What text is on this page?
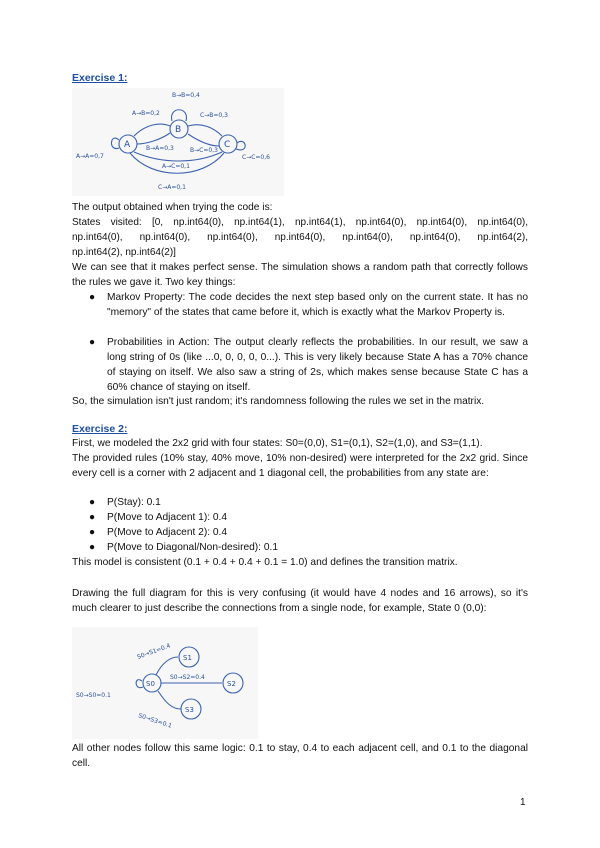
Exercise 1:
A
B
C
B→B=0,4
A→B=0,2	C→B=0,3
A→A=0,7
B→A=0,3	B→C=0,3
C→C=0,6
A→C=0,1
C→A=0,1
The output obtained when trying the code is:
States visited: [0, np.int64(0), np.int64(1), np.int64(1), np.int64(0), np.int64(0), np.int64(0),
np.int64(0), np.int64(0), np.int64(0), np.int64(0), np.int64(0), np.int64(0), np.int64(2),
np.int64(2), np.int64(2)]
We can see that it makes perfect sense. The simulation shows a random path that correctly follows the rules we gave it. Two key things:
● Markov Property: The code decides the next step based only on the current state. It has no "memory" of the states that came before it, which is exactly what the Markov Property is.
● Probabilities in Action: The output clearly reflects the probabilities. In our result, we saw a long string of 0s (like ...0, 0, 0, 0, 0...). This is very likely because State A has a 70% chance of staying on itself. We also saw a string of 2s, which makes sense because State C has a 60% chance of staying on itself.
So, the simulation isn't just random; it's randomness following the rules we set in the matrix.
Exercise 2:
First, we modeled the 2x2 grid with four states: S0=(0,0), S1=(0,1), S2=(1,0), and S3=(1,1).
The provided rules (10% stay, 40% move, 10% non-desired) were interpreted for the 2x2 grid. Since every cell is a corner with 2 adjacent and 1 diagonal cell, the probabilities from any state are:
● P(Stay): 0.1
● P(Move to Adjacent 1): 0.4
● P(Move to Adjacent 2): 0.4
● P(Move to Diagonal/Non-desired): 0.1
This model is consistent (0.1 + 0.4 + 0.4 + 0.1 = 1.0) and defines the transition matrix.
Drawing the full diagram for this is very confusing (it would have 4 nodes and 16 arrows), so it's much clearer to just describe the connections from a single node, for example, State 0 (0,0):
S0
S1
S2
S3
S0→S1=0.4
S0→S0=0.1
S0→S2=0.4
S0→S3=0.1
All other nodes follow this same logic: 0.1 to stay, 0.4 to each adjacent cell, and 0.1 to the diagonal cell.
1
